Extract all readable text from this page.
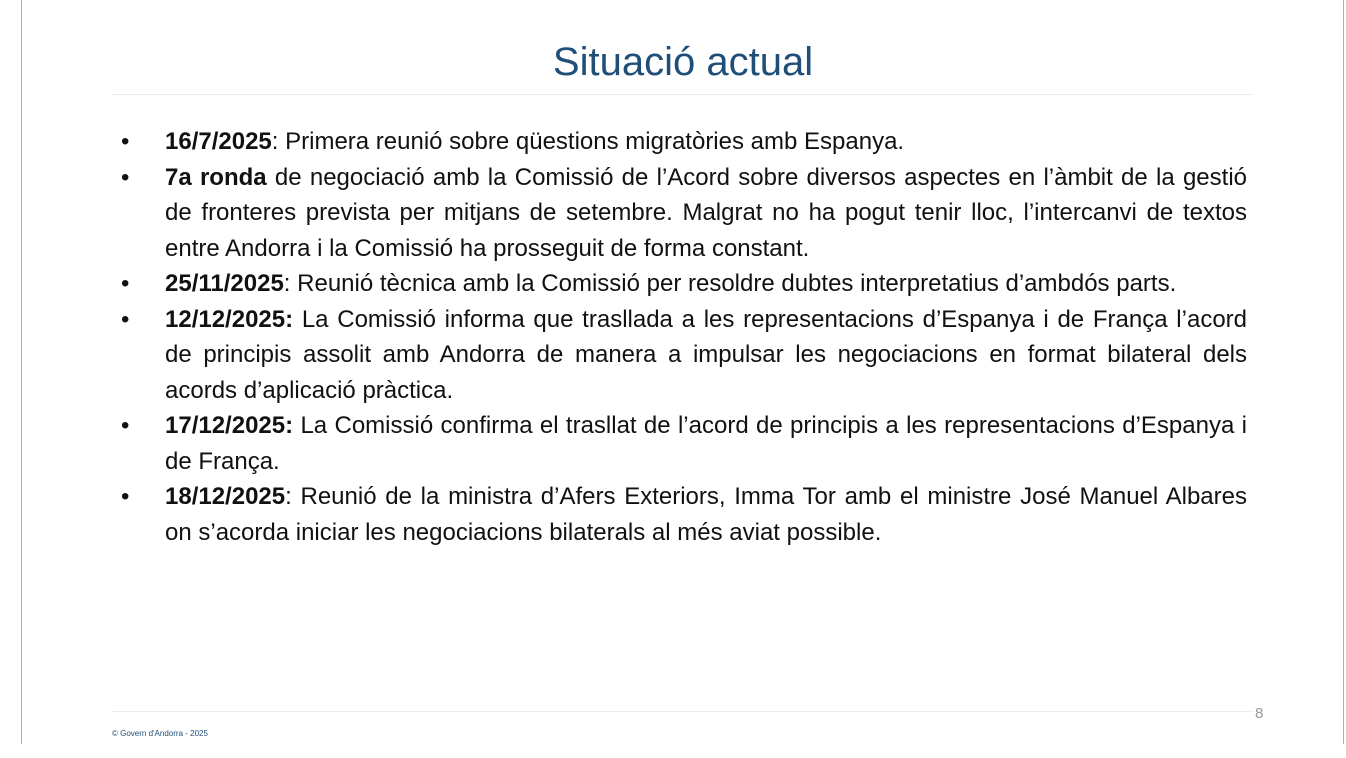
Situació actual
•	16/7/2025: Primera reunió sobre qüestions migratòries amb Espanya.
•	7a ronda de negociació amb la Comissió de l’Acord sobre diversos aspectes en l’àmbit de la gestió de fronteres prevista per mitjans de setembre. Malgrat no ha pogut tenir lloc, l’intercanvi de textos entre Andorra i la Comissió ha prosseguit de forma constant.
•	25/11/2025: Reunió tècnica amb la Comissió per resoldre dubtes interpretatius d’ambdós parts.
•	12/12/2025: La Comissió informa que trasllada a les representacions d’Espanya i de França l’acord de principis assolit amb Andorra de manera a impulsar les negociacions en format bilateral dels acords d’aplicació pràctica.
•	17/12/2025: La Comissió confirma el trasllat de l’acord de principis a les representacions d’Espanya i de França.
•	18/12/2025: Reunió de la ministra d’Afers Exteriors, Imma Tor amb el ministre José Manuel Albares on s’acorda iniciar les negociacions bilaterals al més aviat possible.
© Govern d'Andorra - 2025
8
